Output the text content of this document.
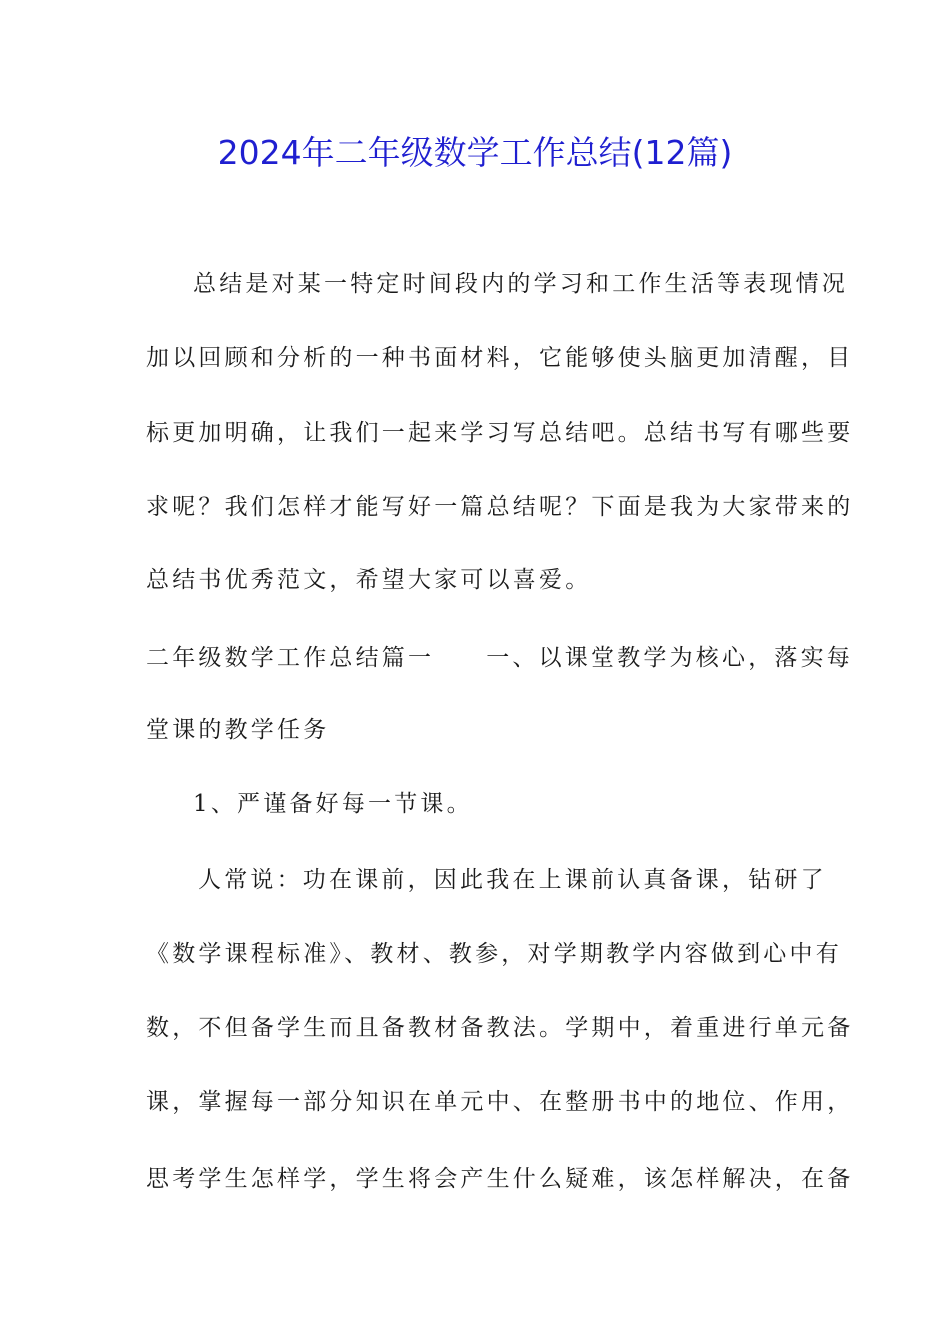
2024年二年级数学工作总结(12篇)
总结是对某一特定时间段内的学习和工作生活等表现情况
加以回顾和分析的一种书面材料，它能够使头脑更加清醒，目
标更加明确，让我们一起来学习写总结吧。总结书写有哪些要
求呢？我们怎样才能写好一篇总结呢？下面是我为大家带来的
总结书优秀范文，希望大家可以喜爱。
二年级数学工作总结篇一 一、以课堂教学为核心，落实每
堂课的教学任务
1、严谨备好每一节课。
人常说：功在课前，因此我在上课前认真备课，钻研了
《数学课程标准》、教材、教参，对学期教学内容做到心中有
数，不但备学生而且备教材备教法。学期中，着重进行单元备
课，掌握每一部分知识在单元中、在整册书中的地位、作用，
思考学生怎样学，学生将会产生什么疑难，该怎样解决，在备
